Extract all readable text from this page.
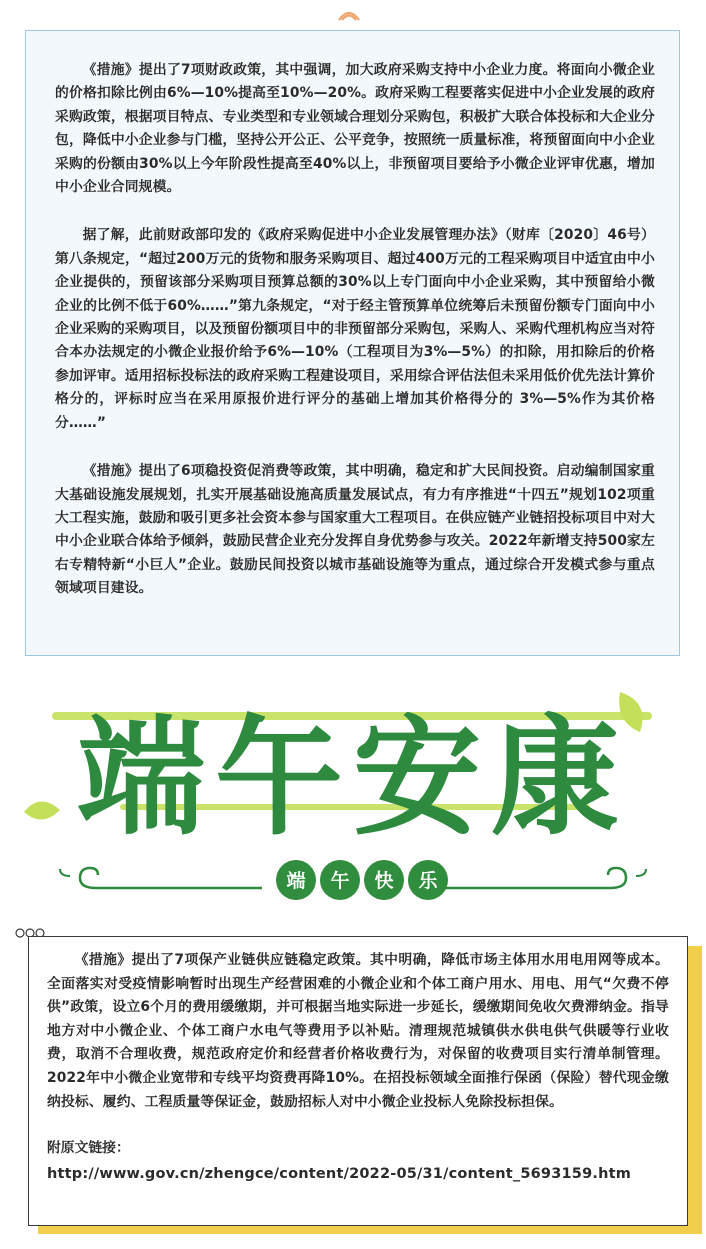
《措施》提出了7项财政政策，其中强调，加大政府采购支持中小企业力度。将面向小微企业的价格扣除比例由6%—10%提高至10%—20%。政府采购工程要落实促进中小企业发展的政府采购政策，根据项目特点、专业类型和专业领域合理划分采购包，积极扩大联合体投标和大企业分包，降低中小企业参与门槛，坚持公开公正、公平竞争，按照统一质量标准，将预留面向中小企业采购的份额由30%以上今年阶段性提高至40%以上，非预留项目要给予小微企业评审优惠，增加中小企业合同规模。

据了解，此前财政部印发的《政府采购促进中小企业发展管理办法》（财库〔2020〕46号）第八条规定，“超过200万元的货物和服务采购项目、超过400万元的工程采购项目中适宜由中小企业提供的，预留该部分采购项目预算总额的30%以上专门面向中小企业采购，其中预留给小微企业的比例不低于60%……”第九条规定，“对于经主管预算单位统筹后未预留份额专门面向中小企业采购的采购项目，以及预留份额项目中的非预留部分采购包，采购人、采购代理机构应当对符合本办法规定的小微企业报价给予6%—10%（工程项目为3%—5%）的扣除，用扣除后的价格参加评审。适用招标投标法的政府采购工程建设项目，采用综合评估法但未采用低价优先法计算价格分的，评标时应当在采用原报价进行评分的基础上增加其价格得分的 3%—5%作为其价格分……”

《措施》提出了6项稳投资促消费等政策，其中明确，稳定和扩大民间投资。启动编制国家重大基础设施发展规划，扎实开展基础设施高质量发展试点，有力有序推进“十四五”规划102项重大工程实施，鼓励和吸引更多社会资本参与国家重大工程项目。在供应链产业链招投标项目中对大中小企业联合体给予倾斜，鼓励民营企业充分发挥自身优势参与攻关。2022年新增支持500家左右专精特新“小巨人”企业。鼓励民间投资以城市基础设施等为重点，通过综合开发模式参与重点领域项目建设。

端午安康
端 午 快 乐

《措施》提出了7项保产业链供应链稳定政策。其中明确，降低市场主体用水用电用网等成本。全面落实对受疫情影响暂时出现生产经营困难的小微企业和个体工商户用水、用电、用气“欠费不停供”政策，设立6个月的费用缓缴期，并可根据当地实际进一步延长，缓缴期间免收欠费滞纳金。指导地方对中小微企业、个体工商户水电气等费用予以补贴。清理规范城镇供水供电供气供暖等行业收费，取消不合理收费，规范政府定价和经营者价格收费行为，对保留的收费项目实行清单制管理。2022年中小微企业宽带和专线平均资费再降10%。在招投标领域全面推行保函（保险）替代现金缴纳投标、履约、工程质量等保证金，鼓励招标人对中小微企业投标人免除投标担保。

附原文链接：
http://www.gov.cn/zhengce/content/2022-05/31/content_5693159.htm
